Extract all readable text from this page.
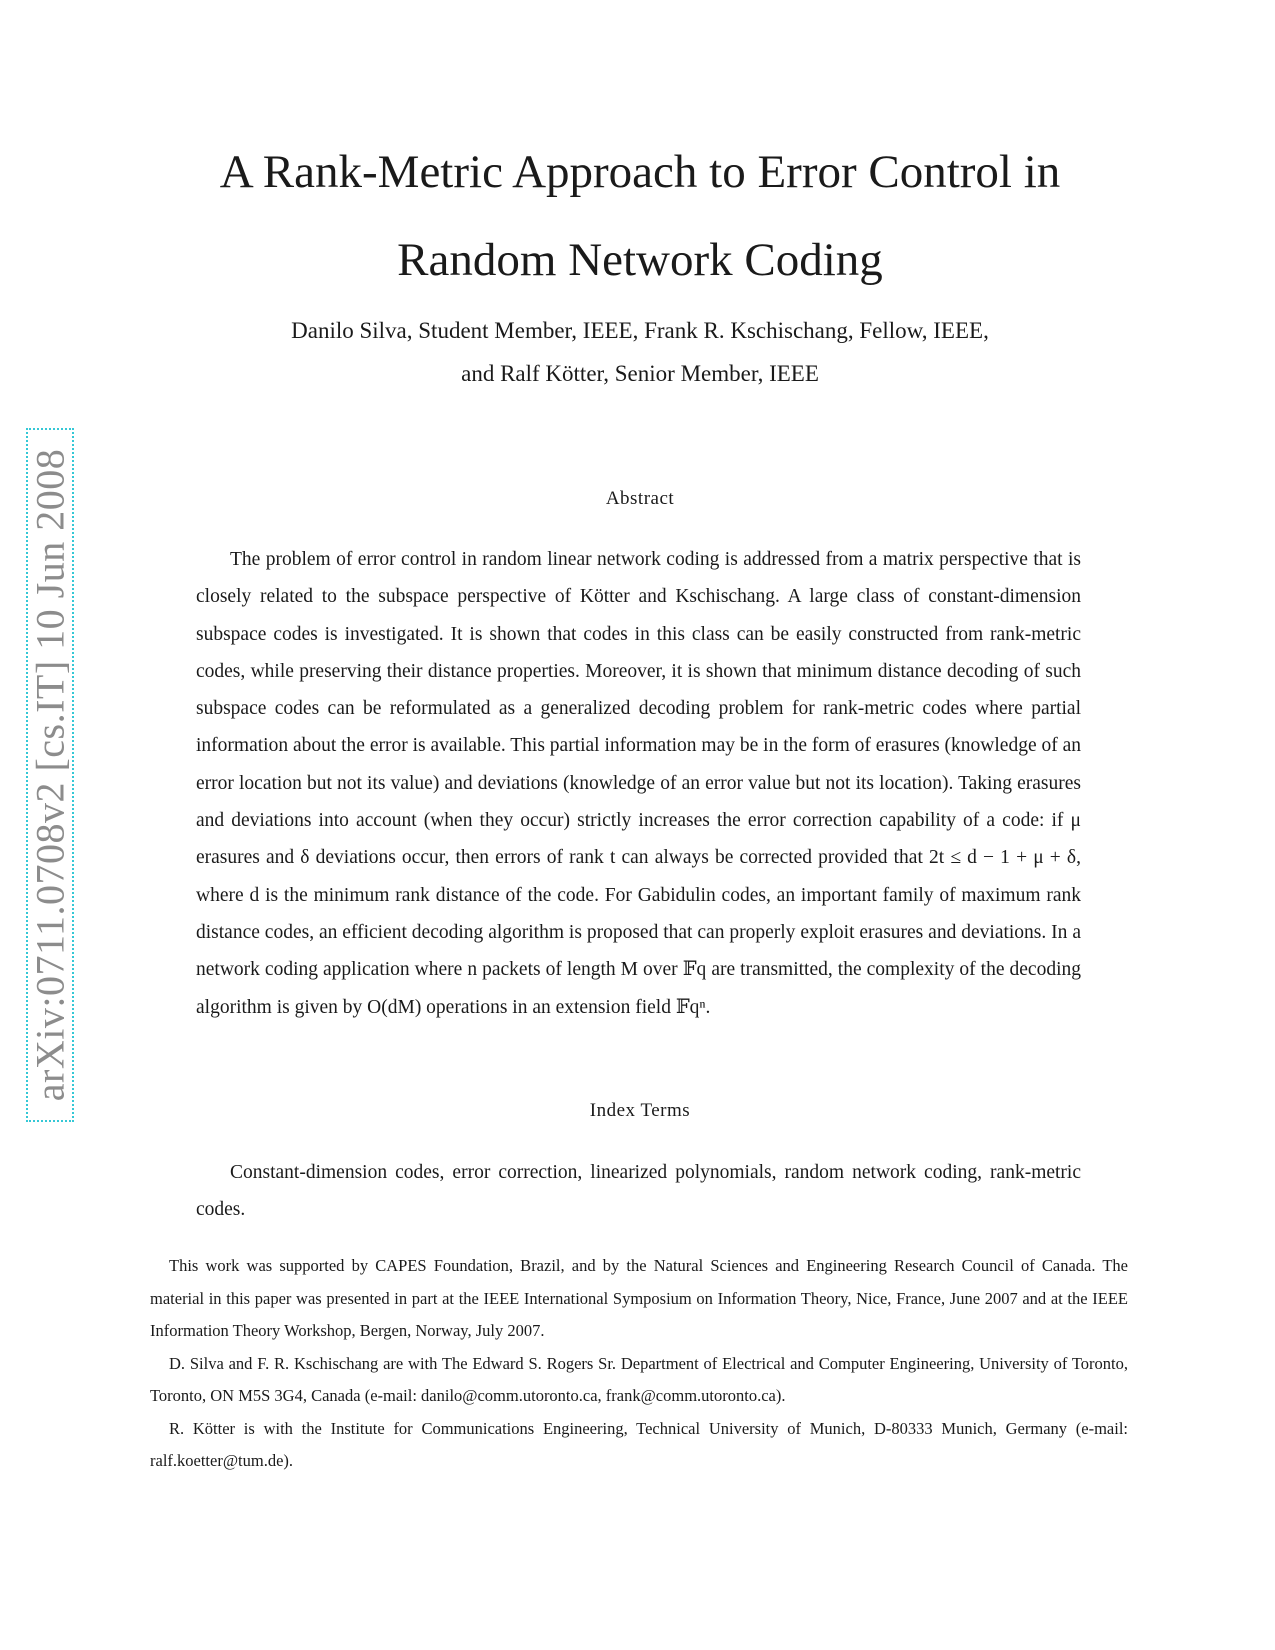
arXiv:0711.0708v2 [cs.IT] 10 Jun 2008
A Rank-Metric Approach to Error Control in Random Network Coding
Danilo Silva, Student Member, IEEE, Frank R. Kschischang, Fellow, IEEE,
and Ralf Kötter, Senior Member, IEEE
Abstract

The problem of error control in random linear network coding is addressed from a matrix perspective that is closely related to the subspace perspective of Kötter and Kschischang. A large class of constant-dimension subspace codes is investigated. It is shown that codes in this class can be easily constructed from rank-metric codes, while preserving their distance properties. Moreover, it is shown that minimum distance decoding of such subspace codes can be reformulated as a generalized decoding problem for rank-metric codes where partial information about the error is available. This partial information may be in the form of erasures (knowledge of an error location but not its value) and deviations (knowledge of an error value but not its location). Taking erasures and deviations into account (when they occur) strictly increases the error correction capability of a code: if μ erasures and δ deviations occur, then errors of rank t can always be corrected provided that 2t ≤ d − 1 + μ + δ, where d is the minimum rank distance of the code. For Gabidulin codes, an important family of maximum rank distance codes, an efficient decoding algorithm is proposed that can properly exploit erasures and deviations. In a network coding application where n packets of length M over 𝔽q are transmitted, the complexity of the decoding algorithm is given by O(dM) operations in an extension field 𝔽qⁿ.

Index Terms

Constant-dimension codes, error correction, linearized polynomials, random network coding, rank-metric codes.

This work was supported by CAPES Foundation, Brazil, and by the Natural Sciences and Engineering Research Council of Canada. The material in this paper was presented in part at the IEEE International Symposium on Information Theory, Nice, France, June 2007 and at the IEEE Information Theory Workshop, Bergen, Norway, July 2007.

D. Silva and F. R. Kschischang are with The Edward S. Rogers Sr. Department of Electrical and Computer Engineering, University of Toronto, Toronto, ON M5S 3G4, Canada (e-mail: danilo@comm.utoronto.ca, frank@comm.utoronto.ca).

R. Kötter is with the Institute for Communications Engineering, Technical University of Munich, D-80333 Munich, Germany (e-mail: ralf.koetter@tum.de).
